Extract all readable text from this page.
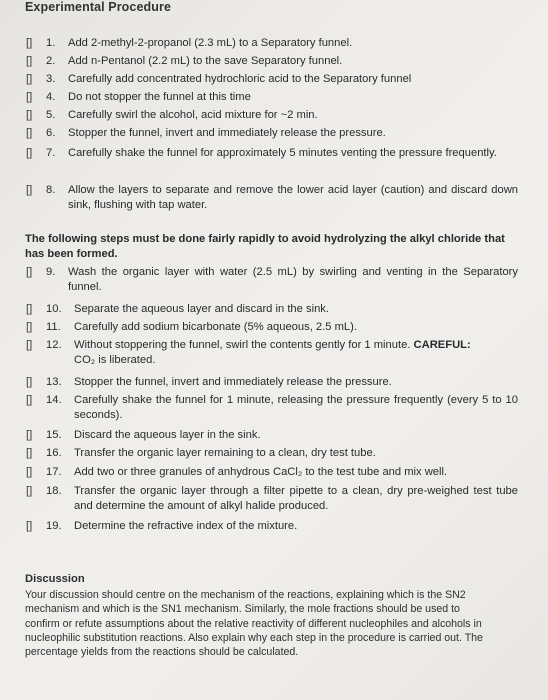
Experimental Procedure
[]	1.	Add 2-methyl-2-propanol (2.3 mL) to a Separatory funnel.
[]	2.	Add n-Pentanol (2.2 mL) to the save Separatory funnel.
[]	3.	Carefully add concentrated hydrochloric acid to the Separatory funnel
[]	4.	Do not stopper the funnel at this time
[]	5.	Carefully swirl the alcohol, acid mixture for ~2 min.
[]	6.	Stopper the funnel, invert and immediately release the pressure.
[]	7.	Carefully shake the funnel for approximately 5 minutes venting the pressure frequently.
[]	8.	Allow the layers to separate and remove the lower acid layer (caution) and discard down sink, flushing with tap water.
The following steps must be done fairly rapidly to avoid hydrolyzing the alkyl chloride that has been formed.
[]	9.	Wash the organic layer with water (2.5 mL) by swirling and venting in the Separatory funnel.
[]	10.	Separate the aqueous layer and discard in the sink.
[]	11.	Carefully add sodium bicarbonate (5% aqueous, 2.5 mL).
[]	12.	Without stoppering the funnel, swirl the contents gently for 1 minute. CAREFUL:
CO₂ is liberated.
[]	13.	Stopper the funnel, invert and immediately release the pressure.
[]	14.	Carefully shake the funnel for 1 minute, releasing the pressure frequently (every 5 to 10 seconds).
[]	15.	Discard the aqueous layer in the sink.
[]	16.	Transfer the organic layer remaining to a clean, dry test tube.
[]	17.	Add two or three granules of anhydrous CaCl₂ to the test tube and mix well.
[]	18.	Transfer the organic layer through a filter pipette to a clean, dry pre-weighed test tube and determine the amount of alkyl halide produced.
[]	19.	Determine the refractive index of the mixture.
Discussion
Your discussion should centre on the mechanism of the reactions, explaining which is the SN2 mechanism and which is the SN1 mechanism. Similarly, the mole fractions should be used to confirm or refute assumptions about the relative reactivity of different nucleophiles and alcohols in nucleophilic substitution reactions. Also explain why each step in the procedure is carried out. The percentage yields from the reactions should be calculated.
